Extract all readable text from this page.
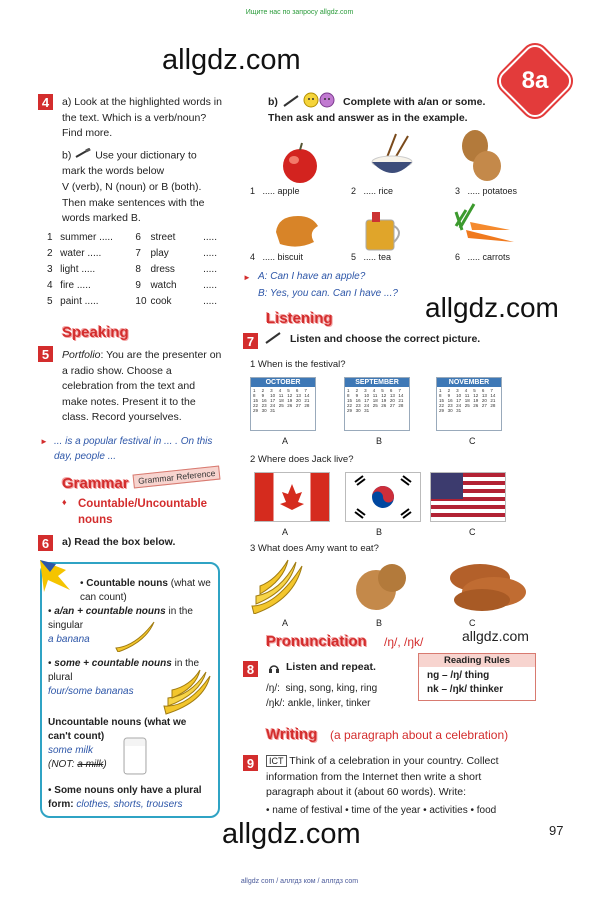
Ищите нас по запросу allgdz.com
allgdz.com
allgdz.com
allgdz.com
allgdz.com
8a
4	a) Look at the highlighted words in the text. Which is a verb/noun? Find more.
b) Use your dictionary to mark the words below
V (verb), N (noun) or B (both). Then make sentences with the words marked B.
1 summer .....	6 street	.....
2 water .....	7 play	.....
3 light .....	8 dress	.....
4 fire .....	9 watch	.....
5 paint .....	10 cook	.....
Speaking
5	Portfolio: You are the presenter on a radio show. Choose a celebration from the text and make notes. Present it to the class. Record yourselves.
► ... is a popular festival in ... . On this day, people ...
Grammar	Grammar Reference
♦ Countable/Uncountable nouns
6	a) Read the box below.
• Countable nouns (what we can count)
• a/an + countable nouns in the singular
a banana
• some + countable nouns in the plural
four/some bananas
Uncountable nouns (what we can't count)
some milk
(NOT: a milk)
• Some nouns only have a plural form: clothes, shorts, trousers
b)	Complete with a/an or some. Then ask and answer as in the example.
1 ..... apple	2 ..... rice	3 ..... potatoes
4 ..... biscuit	5 ..... tea	6 ..... carrots
► A: Can I have an apple?
B: Yes, you can. Can I have ...?
Listening
7	Listen and choose the correct picture.
1 When is the festival?
OCTOBER
1	2	3	4	5	6	7
8	9	10 11 12 13 14
15 16 17 18 19 20 21
22 23 24 25 26 27 28
29 30 31
SEPTEMBER
1	2	3	4	5	6	7
8	9	10 11 12 13 14
15 16 17 18 19 20 21
22 23 24 25 26 27 28
29 30 31
NOVEMBER
1	2	3	4	5	6	7
8	9	10 11 12 13 14
15 16 17 18 19 20 21
22 23 24 25 26 27 28
29 30 31
A	B	C
2 Where does Jack live?
A	B	C
3 What does Amy want to eat?
A	B	C
Pronunciation /ŋ/, /ŋk/
8	Listen and repeat.
/ŋ/: sing, song, king, ring
/ŋk/: ankle, linker, tinker
Reading Rules
ng – /ŋ/ thing
nk – /ŋk/ thinker
Writing (a paragraph about a celebration)
9	ICT Think of a celebration in your country. Collect information from the Internet then write a short paragraph about it (about 60 words). Write:
• name of festival • time of the year • activities • food
97
allgdz com / аллгдз ком / аллгдз com
